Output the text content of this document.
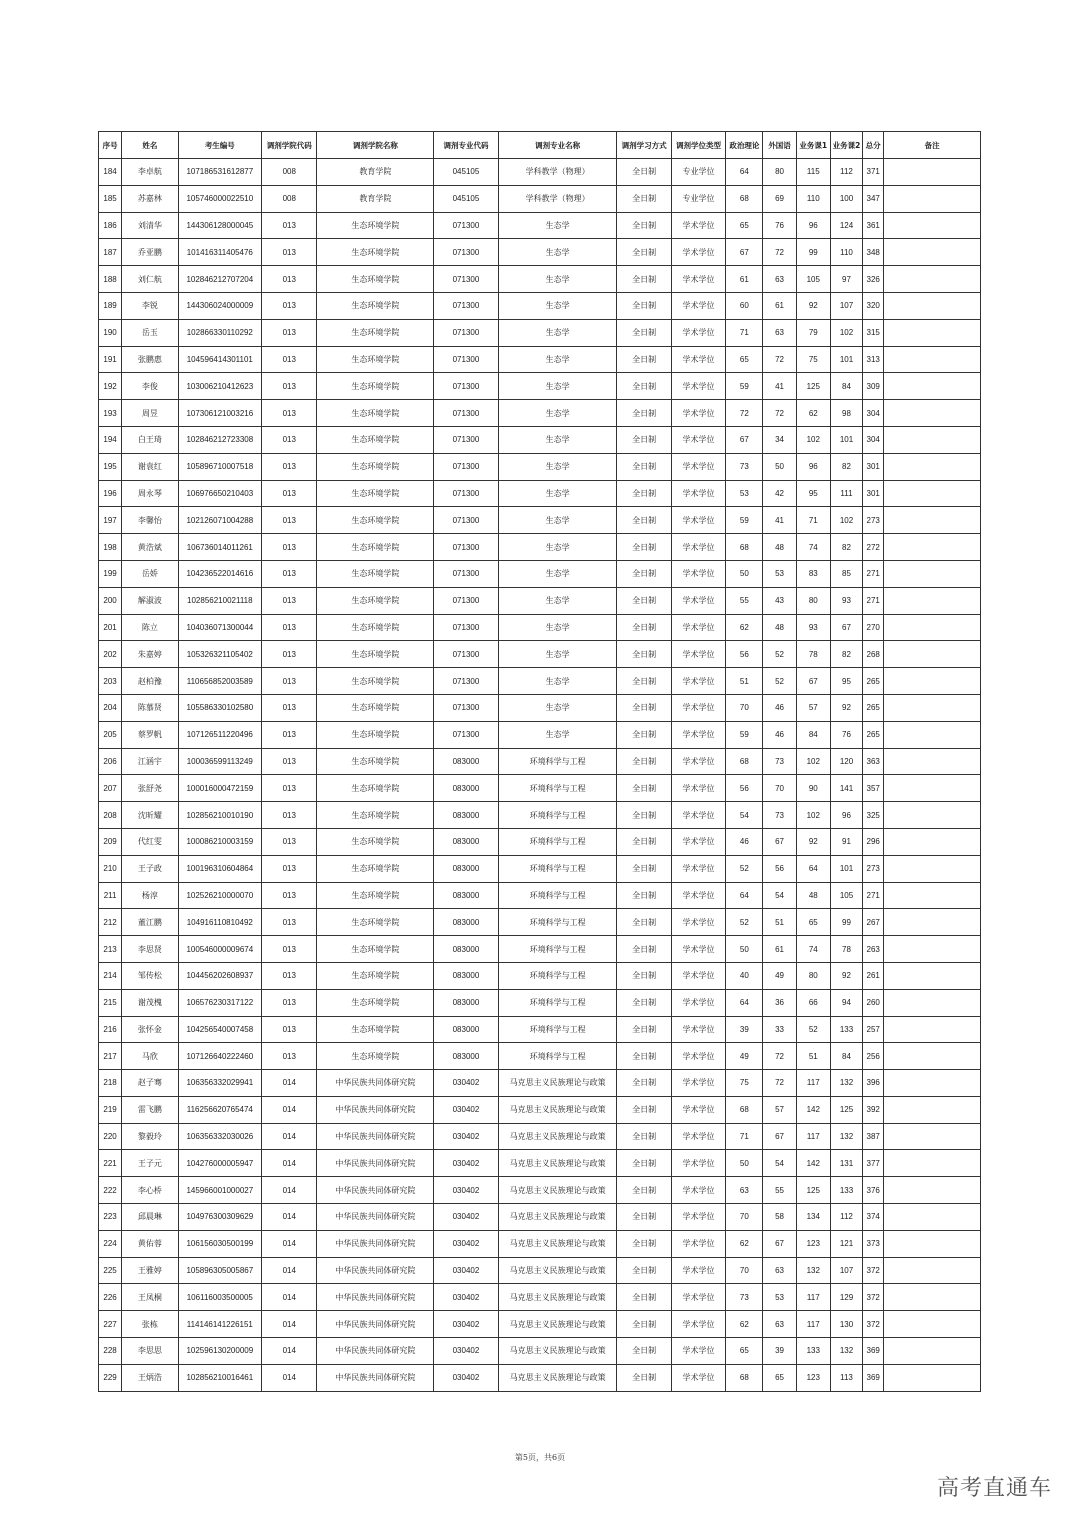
序号	姓名	考生编号	调剂学院代码	调剂学院名称	调剂专业代码	调剂专业名称	调剂学习方式	调剂学位类型	政治理论	外国语	业务课1	业务课2	总分	备注
184	李卓航	107186531612877	008	教育学院	045105	学科教学（物理）	全日制	专业学位	64	80	115	112	371	
185	苏嘉林	105746000022510	008	教育学院	045105	学科教学（物理）	全日制	专业学位	68	69	110	100	347	
186	刘清华	144306128000045	013	生态环境学院	071300	生态学	全日制	学术学位	65	76	96	124	361	
187	乔亚鹏	101416311405476	013	生态环境学院	071300	生态学	全日制	学术学位	67	72	99	110	348	
188	刘仁航	102846212707204	013	生态环境学院	071300	生态学	全日制	学术学位	61	63	105	97	326	
189	李锐	144306024000009	013	生态环境学院	071300	生态学	全日制	学术学位	60	61	92	107	320	
190	岳玉	102866330110292	013	生态环境学院	071300	生态学	全日制	学术学位	71	63	79	102	315	
191	张鹏惠	104596414301101	013	生态环境学院	071300	生态学	全日制	学术学位	65	72	75	101	313	
192	李俊	103006210412623	013	生态环境学院	071300	生态学	全日制	学术学位	59	41	125	84	309	
193	周昱	107306121003216	013	生态环境学院	071300	生态学	全日制	学术学位	72	72	62	98	304	
194	白王琦	102846212723308	013	生态环境学院	071300	生态学	全日制	学术学位	67	34	102	101	304	
195	谢袁红	105896710007518	013	生态环境学院	071300	生态学	全日制	学术学位	73	50	96	82	301	
196	周永琴	106976650210403	013	生态环境学院	071300	生态学	全日制	学术学位	53	42	95	111	301	
197	李馨怡	102126071004288	013	生态环境学院	071300	生态学	全日制	学术学位	59	41	71	102	273	
198	黄浩斌	106736014011261	013	生态环境学院	071300	生态学	全日制	学术学位	68	48	74	82	272	
199	岳娇	104236522014616	013	生态环境学院	071300	生态学	全日制	学术学位	50	53	83	85	271	
200	解淑波	102856210021118	013	生态环境学院	071300	生态学	全日制	学术学位	55	43	80	93	271	
201	陈立	104036071300044	013	生态环境学院	071300	生态学	全日制	学术学位	62	48	93	67	270	
202	朱嘉婷	105326321105402	013	生态环境学院	071300	生态学	全日制	学术学位	56	52	78	82	268	
203	赵柏豫	110656852003589	013	生态环境学院	071300	生态学	全日制	学术学位	51	52	67	95	265	
204	陈慕贤	105586330102580	013	生态环境学院	071300	生态学	全日制	学术学位	70	46	57	92	265	
205	蔡罗帆	107126511220496	013	生态环境学院	071300	生态学	全日制	学术学位	59	46	84	76	265	
206	江涵宇	100036599113249	013	生态环境学院	083000	环境科学与工程	全日制	学术学位	68	73	102	120	363	
207	张舒尧	100016000472159	013	生态环境学院	083000	环境科学与工程	全日制	学术学位	56	70	90	141	357	
208	沈昕耀	102856210010190	013	生态环境学院	083000	环境科学与工程	全日制	学术学位	54	73	102	96	325	
209	代红雯	100086210003159	013	生态环境学院	083000	环境科学与工程	全日制	学术学位	46	67	92	91	296	
210	王子政	100196310604864	013	生态环境学院	083000	环境科学与工程	全日制	学术学位	52	56	64	101	273	
211	杨淳	102526210000070	013	生态环境学院	083000	环境科学与工程	全日制	学术学位	64	54	48	105	271	
212	董江鹏	104916110810492	013	生态环境学院	083000	环境科学与工程	全日制	学术学位	52	51	65	99	267	
213	李思贤	100546000009674	013	生态环境学院	083000	环境科学与工程	全日制	学术学位	50	61	74	78	263	
214	邹传松	104456202608937	013	生态环境学院	083000	环境科学与工程	全日制	学术学位	40	49	80	92	261	
215	谢茂槐	106576230317122	013	生态环境学院	083000	环境科学与工程	全日制	学术学位	64	36	66	94	260	
216	张怀金	104256540007458	013	生态环境学院	083000	环境科学与工程	全日制	学术学位	39	33	52	133	257	
217	马欣	107126640222460	013	生态环境学院	083000	环境科学与工程	全日制	学术学位	49	72	51	84	256	
218	赵子骞	106356332029941	014	中华民族共同体研究院	030402	马克思主义民族理论与政策	全日制	学术学位	75	72	117	132	396	
219	雷飞鹏	116256620765474	014	中华民族共同体研究院	030402	马克思主义民族理论与政策	全日制	学术学位	68	57	142	125	392	
220	黎毅玲	106356332030026	014	中华民族共同体研究院	030402	马克思主义民族理论与政策	全日制	学术学位	71	67	117	132	387	
221	王子元	104276000005947	014	中华民族共同体研究院	030402	马克思主义民族理论与政策	全日制	学术学位	50	54	142	131	377	
222	李心桥	145966001000027	014	中华民族共同体研究院	030402	马克思主义民族理论与政策	全日制	学术学位	63	55	125	133	376	
223	邱晨琳	104976300309629	014	中华民族共同体研究院	030402	马克思主义民族理论与政策	全日制	学术学位	70	58	134	112	374	
224	黄佑蓉	106156030500199	014	中华民族共同体研究院	030402	马克思主义民族理论与政策	全日制	学术学位	62	67	123	121	373	
225	王雅婷	105896305005867	014	中华民族共同体研究院	030402	马克思主义民族理论与政策	全日制	学术学位	70	63	132	107	372	
226	王凤桐	106116003500005	014	中华民族共同体研究院	030402	马克思主义民族理论与政策	全日制	学术学位	73	53	117	129	372	
227	张栋	114146141226151	014	中华民族共同体研究院	030402	马克思主义民族理论与政策	全日制	学术学位	62	63	117	130	372	
228	李思思	102596130200009	014	中华民族共同体研究院	030402	马克思主义民族理论与政策	全日制	学术学位	65	39	133	132	369	
229	王炳浩	102856210016461	014	中华民族共同体研究院	030402	马克思主义民族理论与政策	全日制	学术学位	68	65	123	113	369	
第5页，共6页
高考直通车
